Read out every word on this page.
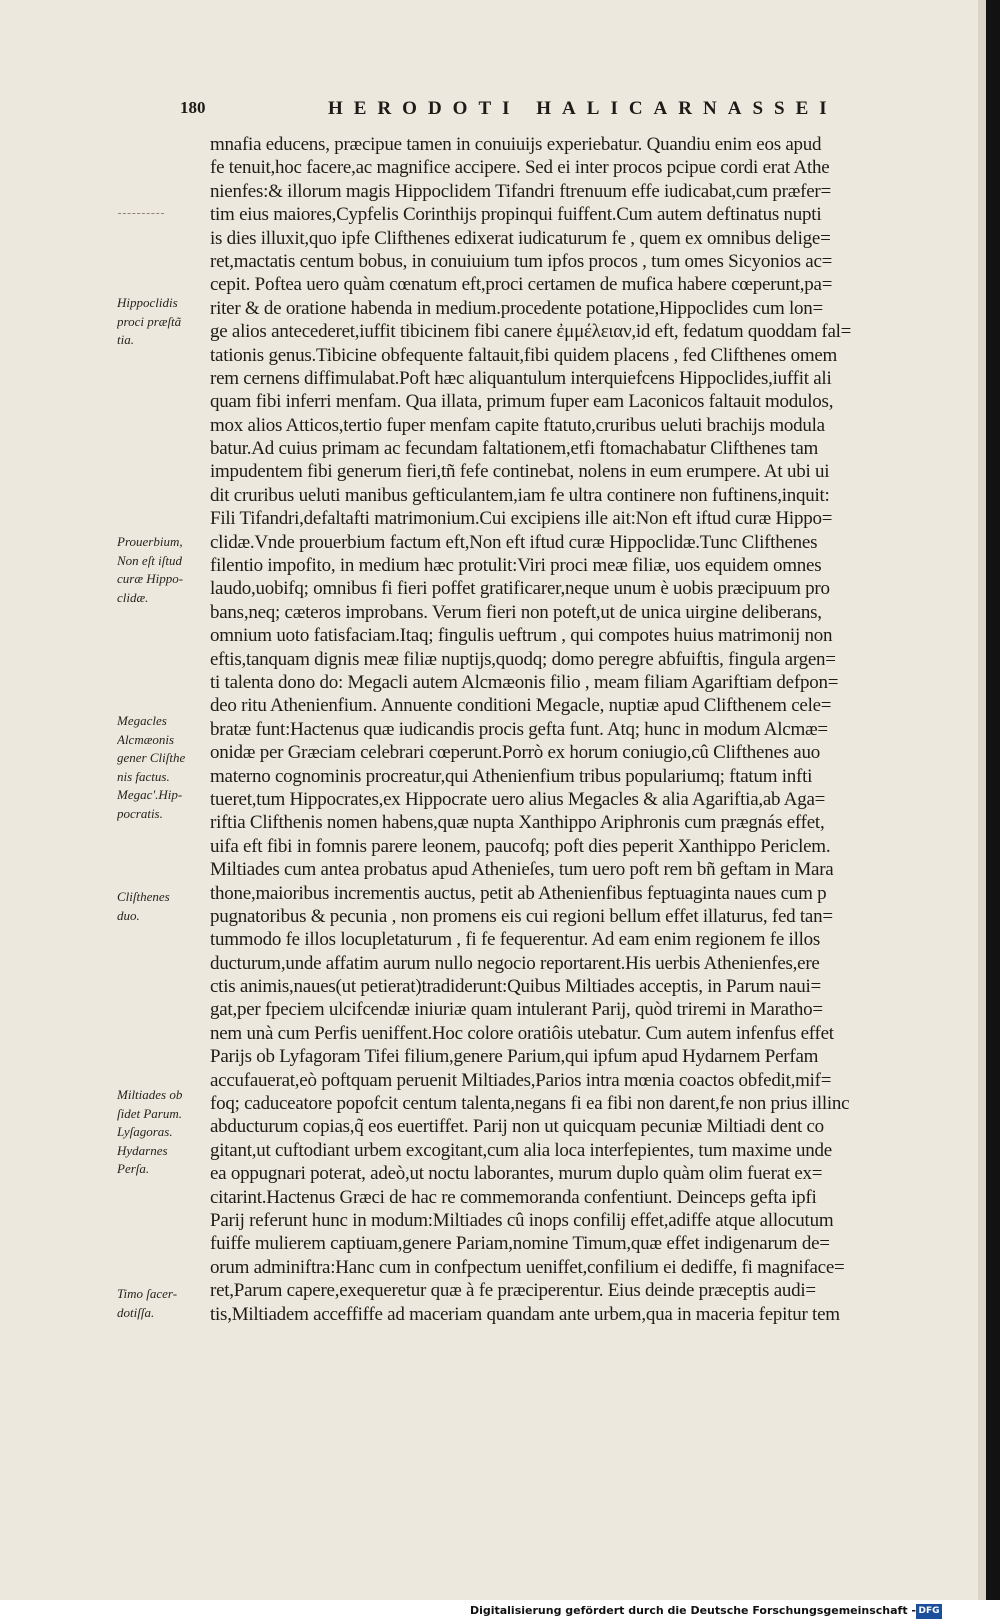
180	HERODOTI HALICARNASSEI
Hippoclidis
proci præſtã
tia.
Prouerbium,
Non eſt iſtud
curæ Hippo-
clidæ.
Megacles
Alcmæonis
gener Cliſthe
nis factus.
Megac'.Hip-
pocratis.
Cliſthenes
duo.
Miltiades ob
ſidet Parum.
Lyſagoras.
Hydarnes
Perſa.
Timo ſacer-
dotiſſa.
mnafia educens, præcipue tamen in conuiuijs experiebatur. Quandiu enim eos apud
fe tenuit,hoc facere,ac magnifice accipere. Sed ei inter procos pcipue cordi erat Athe
nienfes:& illorum magis Hippoclidem Tifandri ftrenuum effe iudicabat,cum præfer=
tim eius maiores,Cypfelis Corinthijs propinqui fuiffent.Cum autem deftinatus nupti
is dies illuxit,quo ipfe Clifthenes edixerat iudicaturum fe , quem ex omnibus delige=
ret,mactatis centum bobus, in conuiuium tum ipfos procos , tum omes Sicyonios ac=
cepit. Poftea uero quàm cœnatum eft,proci certamen de mufica habere cœperunt,pa=
riter & de oratione habenda in medium.procedente potatione,Hippoclides cum lon=
ge alios antecederet,iuffit tibicinem fibi canere ἐμμέλειαν,id eft, fedatum quoddam fal=
tationis genus.Tibicine obfequente faltauit,fibi quidem placens , fed Clifthenes omem
rem cernens diffimulabat.Poft hæc aliquantulum interquiefcens Hippoclides,iuffit ali
quam fibi inferri menfam. Qua illata, primum fuper eam Laconicos faltauit modulos,
mox alios Atticos,tertio fuper menfam capite ftatuto,cruribus ueluti brachijs modula
batur.Ad cuius primam ac fecundam faltationem,etfi ftomachabatur Clifthenes tam
impudentem fibi generum fieri,tñ fefe continebat, nolens in eum erumpere. At ubi ui
dit cruribus ueluti manibus gefticulantem,iam fe ultra continere non fuftinens,inquit:
Fili Tifandri,defaltafti matrimonium.Cui excipiens ille ait:Non eft iftud curæ Hippo=
clidæ.Vnde prouerbium factum eft,Non eft iftud curæ Hippoclidæ.Tunc Clifthenes
filentio impofito, in medium hæc protulit:Viri proci meæ filiæ, uos equidem omnes
laudo,uobifq; omnibus fi fieri poffet gratificarer,neque unum è uobis præcipuum pro
bans,neq; cæteros improbans. Verum fieri non poteft,ut de unica uirgine deliberans,
omnium uoto fatisfaciam.Itaq; fingulis ueftrum , qui compotes huius matrimonij non
eftis,tanquam dignis meæ filiæ nuptijs,quodq; domo peregre abfuiftis, fingula argen=
ti talenta dono do: Megacli autem Alcmæonis filio , meam filiam Agariftiam defpon=
deo ritu Athenienfium. Annuente conditioni Megacle, nuptiæ apud Clifthenem cele=
bratæ funt:Hactenus quæ iudicandis procis gefta funt. Atq; hunc in modum Alcmæ=
onidæ per Græciam celebrari cœperunt.Porrò ex horum coniugio,cû Clifthenes auo
materno cognominis procreatur,qui Athenienfium tribus populariumq; ftatum infti
tueret,tum Hippocrates,ex Hippocrate uero alius Megacles & alia Agariftia,ab Aga=
riftia Clifthenis nomen habens,quæ nupta Xanthippo Ariphronis cum prægnás effet,
uifa eft fibi in fomnis parere leonem, paucofq; poft dies peperit Xanthippo Periclem.
Miltiades cum antea probatus apud Athenieſes, tum uero poft rem bñ geftam in Mara
thone,maioribus incrementis auctus, petit ab Athenienfibus feptuaginta naues cum p
pugnatoribus & pecunia , non promens eis cui regioni bellum effet illaturus, fed tan=
tummodo fe illos locupletaturum , fi fe fequerentur. Ad eam enim regionem fe illos
ducturum,unde affatim aurum nullo negocio reportarent.His uerbis Athenienfes,ere
ctis animis,naues(ut petierat)tradiderunt:Quibus Miltiades acceptis, in Parum naui=
gat,per fpeciem ulcifcendæ iniuriæ quam intulerant Parij, quòd triremi in Maratho=
nem unà cum Perfis ueniffent.Hoc colore oratiôis utebatur. Cum autem infenfus effet
Parijs ob Lyfagoram Tifei filium,genere Parium,qui ipfum apud Hydarnem Perfam
accufauerat,eò poftquam peruenit Miltiades,Parios intra mœnia coactos obfedit,mif=
foq; caduceatore popofcit centum talenta,negans fi ea fibi non darent,fe non prius illinc
abducturum copias,q̃ eos euertiffet. Parij non ut quicquam pecuniæ Miltiadi dent co
gitant,ut cuftodiant urbem excogitant,cum alia loca interfepientes, tum maxime unde
ea oppugnari poterat, adeò,ut noctu laborantes, murum duplo quàm olim fuerat ex=
citarint.Hactenus Græci de hac re commemoranda confentiunt. Deinceps gefta ipfi
Parij referunt hunc in modum:Miltiades cû inops confilij effet,adiffe atque allocutum
fuiffe mulierem captiuam,genere Pariam,nomine Timum,quæ effet indigenarum de=
orum adminiftra:Hanc cum in confpectum ueniffet,confilium ei dediffe, fi magniface=
ret,Parum capere,exequeretur quæ à fe præciperentur. Eius deinde præceptis audi=
tis,Miltiadem acceffiffe ad maceriam quandam ante urbem,qua in maceria fepitur tem
Digitalisierung gefördert durch die Deutsche Forschungsgemeinschaft - DFG
